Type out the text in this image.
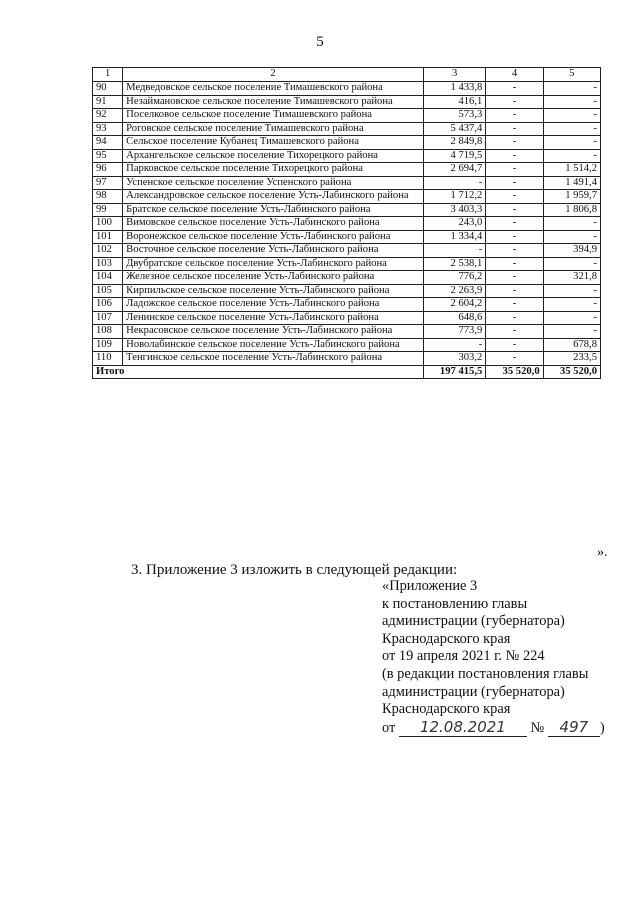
5
1	2	3	4	5
90	Медведовское сельское поселение Тимашевского района	1 433,8	-	-
91	Незаймановское сельское поселение Тимашевского района	416,1	-	-
92	Поселковое сельское поселение Тимашевского района	573,3	-	-
93	Роговское сельское поселение Тимашевского района	5 437,4	-	-
94	Сельское поселение Кубанец Тимашевского района	2 849,8	-	-
95	Архангельское сельское поселение Тихорецкого района	4 719,5	-	-
96	Парковское сельское поселение Тихорецкого района	2 694,7	-	1 514,2
97	Успенское сельское поселение Успенского района	-	-	1 491,4
98	Александровское сельское поселение Усть-Лабинского района	1 712,2	-	1 959,7
99	Братское сельское поселение Усть-Лабинского района	3 403,3	-	1 806,8
100	Вимовское сельское поселение Усть-Лабинского района	243,0	-	-
101	Воронежское сельское поселение Усть-Лабинского района	1 334,4	-	-
102	Восточное сельское поселение Усть-Лабинского района	-	-	394,9
103	Двубратское сельское поселение Усть-Лабинского района	2 538,1	-	-
104	Железное сельское поселение Усть-Лабинского района	776,2	-	321,8
105	Кирпильское сельское поселение Усть-Лабинского района	2 263,9	-	-
106	Ладожское сельское поселение Усть-Лабинского района	2 604,2	-	-
107	Ленинское сельское поселение Усть-Лабинского района	648,6	-	-
108	Некрасовское сельское поселение Усть-Лабинского района	773,9	-	-
109	Новолабинское сельское поселение Усть-Лабинского района	-	-	678,8
110	Тенгинское сельское поселение Усть-Лабинского района	303,2	-	233,5
Итого		197 415,5	35 520,0	35 520,0
».
3. Приложение 3 изложить в следующей редакции:
«Приложение 3
к постановлению главы
администрации (губернатора)
Краснодарского края
от 19 апреля 2021 г. № 224
(в редакции постановления главы
администрации (губернатора)
Краснодарского края
от 12.08.2021 № 497 )
